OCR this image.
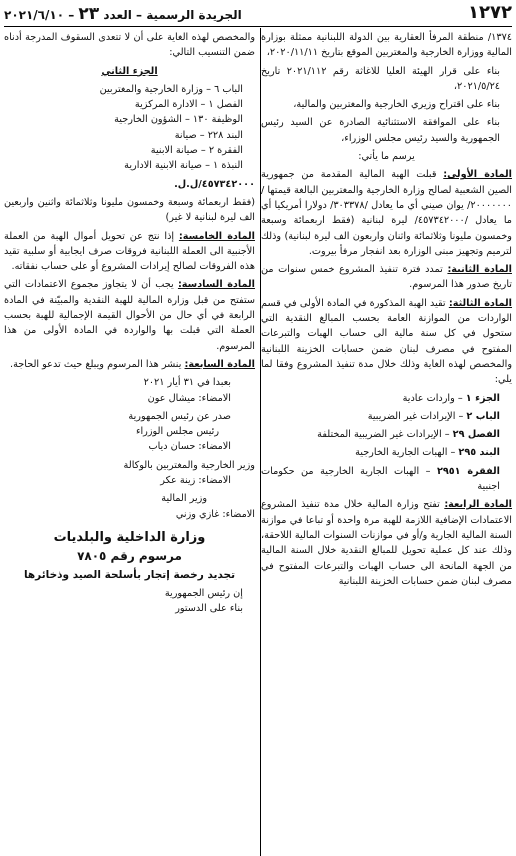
١٢٧٢
الجريدة الرسمية – العدد ٢٣ – ٢٠٢١/٦/١٠

١٣٧٤/ منطقة المرفأ العقارية بين الدولة اللبنانية ممثلة بوزارة المالية ووزارة الخارجية والمغتربين الموقع بتاريخ ٢٠٢٠/١١/١١،

بناء على قرار الهيئة العليا للاغاثة رقم ٢٠٢١/١١٢ تاريخ ٢٠٢١/٥/٢٤،

بناء على اقتراح وزيري الخارجية والمغتربين والمالية،

بناء على الموافقة الاستثنائية الصادرة عن السيد رئيس الجمهورية والسيد رئيس مجلس الوزراء،

يرسم ما يأتي:

المادة الأولى: قبلت الهبة المالية المقدمة من جمهورية الصين الشعبية لصالح وزارة الخارجية والمغتربين البالغة قيمتها /٢٠٠٠٠٠٠٠/ يوان صيني أي ما يعادل /٣٠٣٣٧٨/ دولارا أمريكيا أي ما يعادل /٤٥٧٣٤٢٠٠٠/ ليرة لبنانية (فقط اربعمائة وسبعة وخمسون مليونا وثلاثمائة واثنان واربعون الف ليرة لبنانية) وذلك لترميم وتجهيز مبنى الوزارة بعد انفجار مرفأ بيروت.

المادة الثانية: تمدد فترة تنفيذ المشروع خمس سنوات من تاريخ صدور هذا المرسوم.

المادة الثالثة: تقيد الهبة المذكورة في المادة الأولى في قسم الواردات من الموازنة العامة بحسب المبالغ النقدية التي ستحول في كل سنة مالية الى حساب الهبات والتبرعات المفتوح في مصرف لبنان ضمن حسابات الخزينة اللبنانية والمخصص لهذه الغاية وذلك خلال مدة تنفيذ المشروع وفقا لما يلي:

الجزء ١ – واردات عادية

الباب ٢ – الإيرادات غير الضريبية

الفصل ٢٩ – الإيرادات غير الضريبية المختلفة

البند ٢٩٥ – الهبات الجارية الخارجية

الفقرة ٢٩٥١ – الهبات الجارية الخارجية من حكومات اجنبية

المادة الرابعة: تفتح وزارة المالية خلال مدة تنفيذ المشروع الاعتمادات الإضافية اللازمة للهبة مرة واحدة أو تباعا في موازنة السنة المالية الجارية و/أو في موازنات السنوات المالية اللاحقة، وذلك عند كل عملية تحويل للمبالغ النقدية خلال السنة المالية من الجهة المانحة الى حساب الهبات والتبرعات المفتوح في مصرف لبنان ضمن حسابات الخزينة اللبنانية

والمخصص لهذه الغاية على أن لا تتعدى السقوف المدرجة أدناه ضمن التنسيب التالي:

الجزء الثاني

الباب ٦ – وزارة الخارجية والمغتربين

الفصل ١ – الادارة المركزية

الوظيفة ١٣٠ – الشؤون الخارجية

البند ٢٢٨ – صيانة

الفقرة ٢ – صيانة الابنية

النبذة ١ – صيانة الابنية الادارية

٤٥٧٣٤٢٠٠٠/ل.ل.

(فقط اربعمائة وسبعة وخمسون مليونا وثلاثمائة واثنين واربعين الف ليرة لبنانية لا غير)

المادة الخامسة: إذا نتج عن تحويل أموال الهبة من العملة الأجنبية الى العملة اللبنانية فروقات صرف ايجابية أو سلبية تقيد هذه الفروقات لصالح إيرادات المشروع أو على حساب نفقاته.

المادة السادسة: يجب أن لا يتجاوز مجموع الاعتمادات التي ستفتح من قبل وزارة المالية للهبة النقدية والمبيّنة في المادة الرابعة في أي حال من الأحوال القيمة الإجمالية للهبة بحسب العملة التي قبلت بها والواردة في المادة الأولى من هذا المرسوم.

المادة السابعة: ينشر هذا المرسوم ويبلغ حيث تدعو الحاجة.

بعبدا في ٣١ أيار ٢٠٢١

الامضاء: ميشال عون

صدر عن رئيس الجمهورية

رئيس مجلس الوزراء

الامضاء: حسان دياب

وزير الخارجية والمغتربين بالوكالة

الامضاء: زينة عكر

وزير المالية

الامضاء: غازي وزني

وزارة الداخلية والبلديات

مرسوم رقم ٧٨٠٥

تجديد رخصة إتجار بأسلحة الصيد وذخائرها

إن رئيس الجمهورية

بناء على الدستور
